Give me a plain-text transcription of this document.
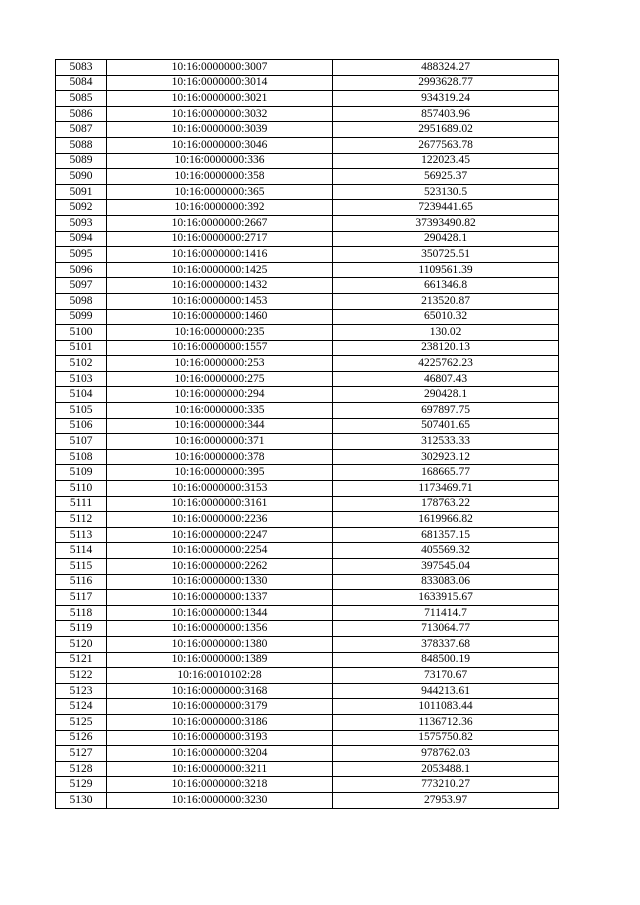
5083	10:16:0000000:3007	488324.27
5084	10:16:0000000:3014	2993628.77
5085	10:16:0000000:3021	934319.24
5086	10:16:0000000:3032	857403.96
5087	10:16:0000000:3039	2951689.02
5088	10:16:0000000:3046	2677563.78
5089	10:16:0000000:336	122023.45
5090	10:16:0000000:358	56925.37
5091	10:16:0000000:365	523130.5
5092	10:16:0000000:392	7239441.65
5093	10:16:0000000:2667	37393490.82
5094	10:16:0000000:2717	290428.1
5095	10:16:0000000:1416	350725.51
5096	10:16:0000000:1425	1109561.39
5097	10:16:0000000:1432	661346.8
5098	10:16:0000000:1453	213520.87
5099	10:16:0000000:1460	65010.32
5100	10:16:0000000:235	130.02
5101	10:16:0000000:1557	238120.13
5102	10:16:0000000:253	4225762.23
5103	10:16:0000000:275	46807.43
5104	10:16:0000000:294	290428.1
5105	10:16:0000000:335	697897.75
5106	10:16:0000000:344	507401.65
5107	10:16:0000000:371	312533.33
5108	10:16:0000000:378	302923.12
5109	10:16:0000000:395	168665.77
5110	10:16:0000000:3153	1173469.71
5111	10:16:0000000:3161	178763.22
5112	10:16:0000000:2236	1619966.82
5113	10:16:0000000:2247	681357.15
5114	10:16:0000000:2254	405569.32
5115	10:16:0000000:2262	397545.04
5116	10:16:0000000:1330	833083.06
5117	10:16:0000000:1337	1633915.67
5118	10:16:0000000:1344	711414.7
5119	10:16:0000000:1356	713064.77
5120	10:16:0000000:1380	378337.68
5121	10:16:0000000:1389	848500.19
5122	10:16:0010102:28	73170.67
5123	10:16:0000000:3168	944213.61
5124	10:16:0000000:3179	1011083.44
5125	10:16:0000000:3186	1136712.36
5126	10:16:0000000:3193	1575750.82
5127	10:16:0000000:3204	978762.03
5128	10:16:0000000:3211	2053488.1
5129	10:16:0000000:3218	773210.27
5130	10:16:0000000:3230	27953.97
